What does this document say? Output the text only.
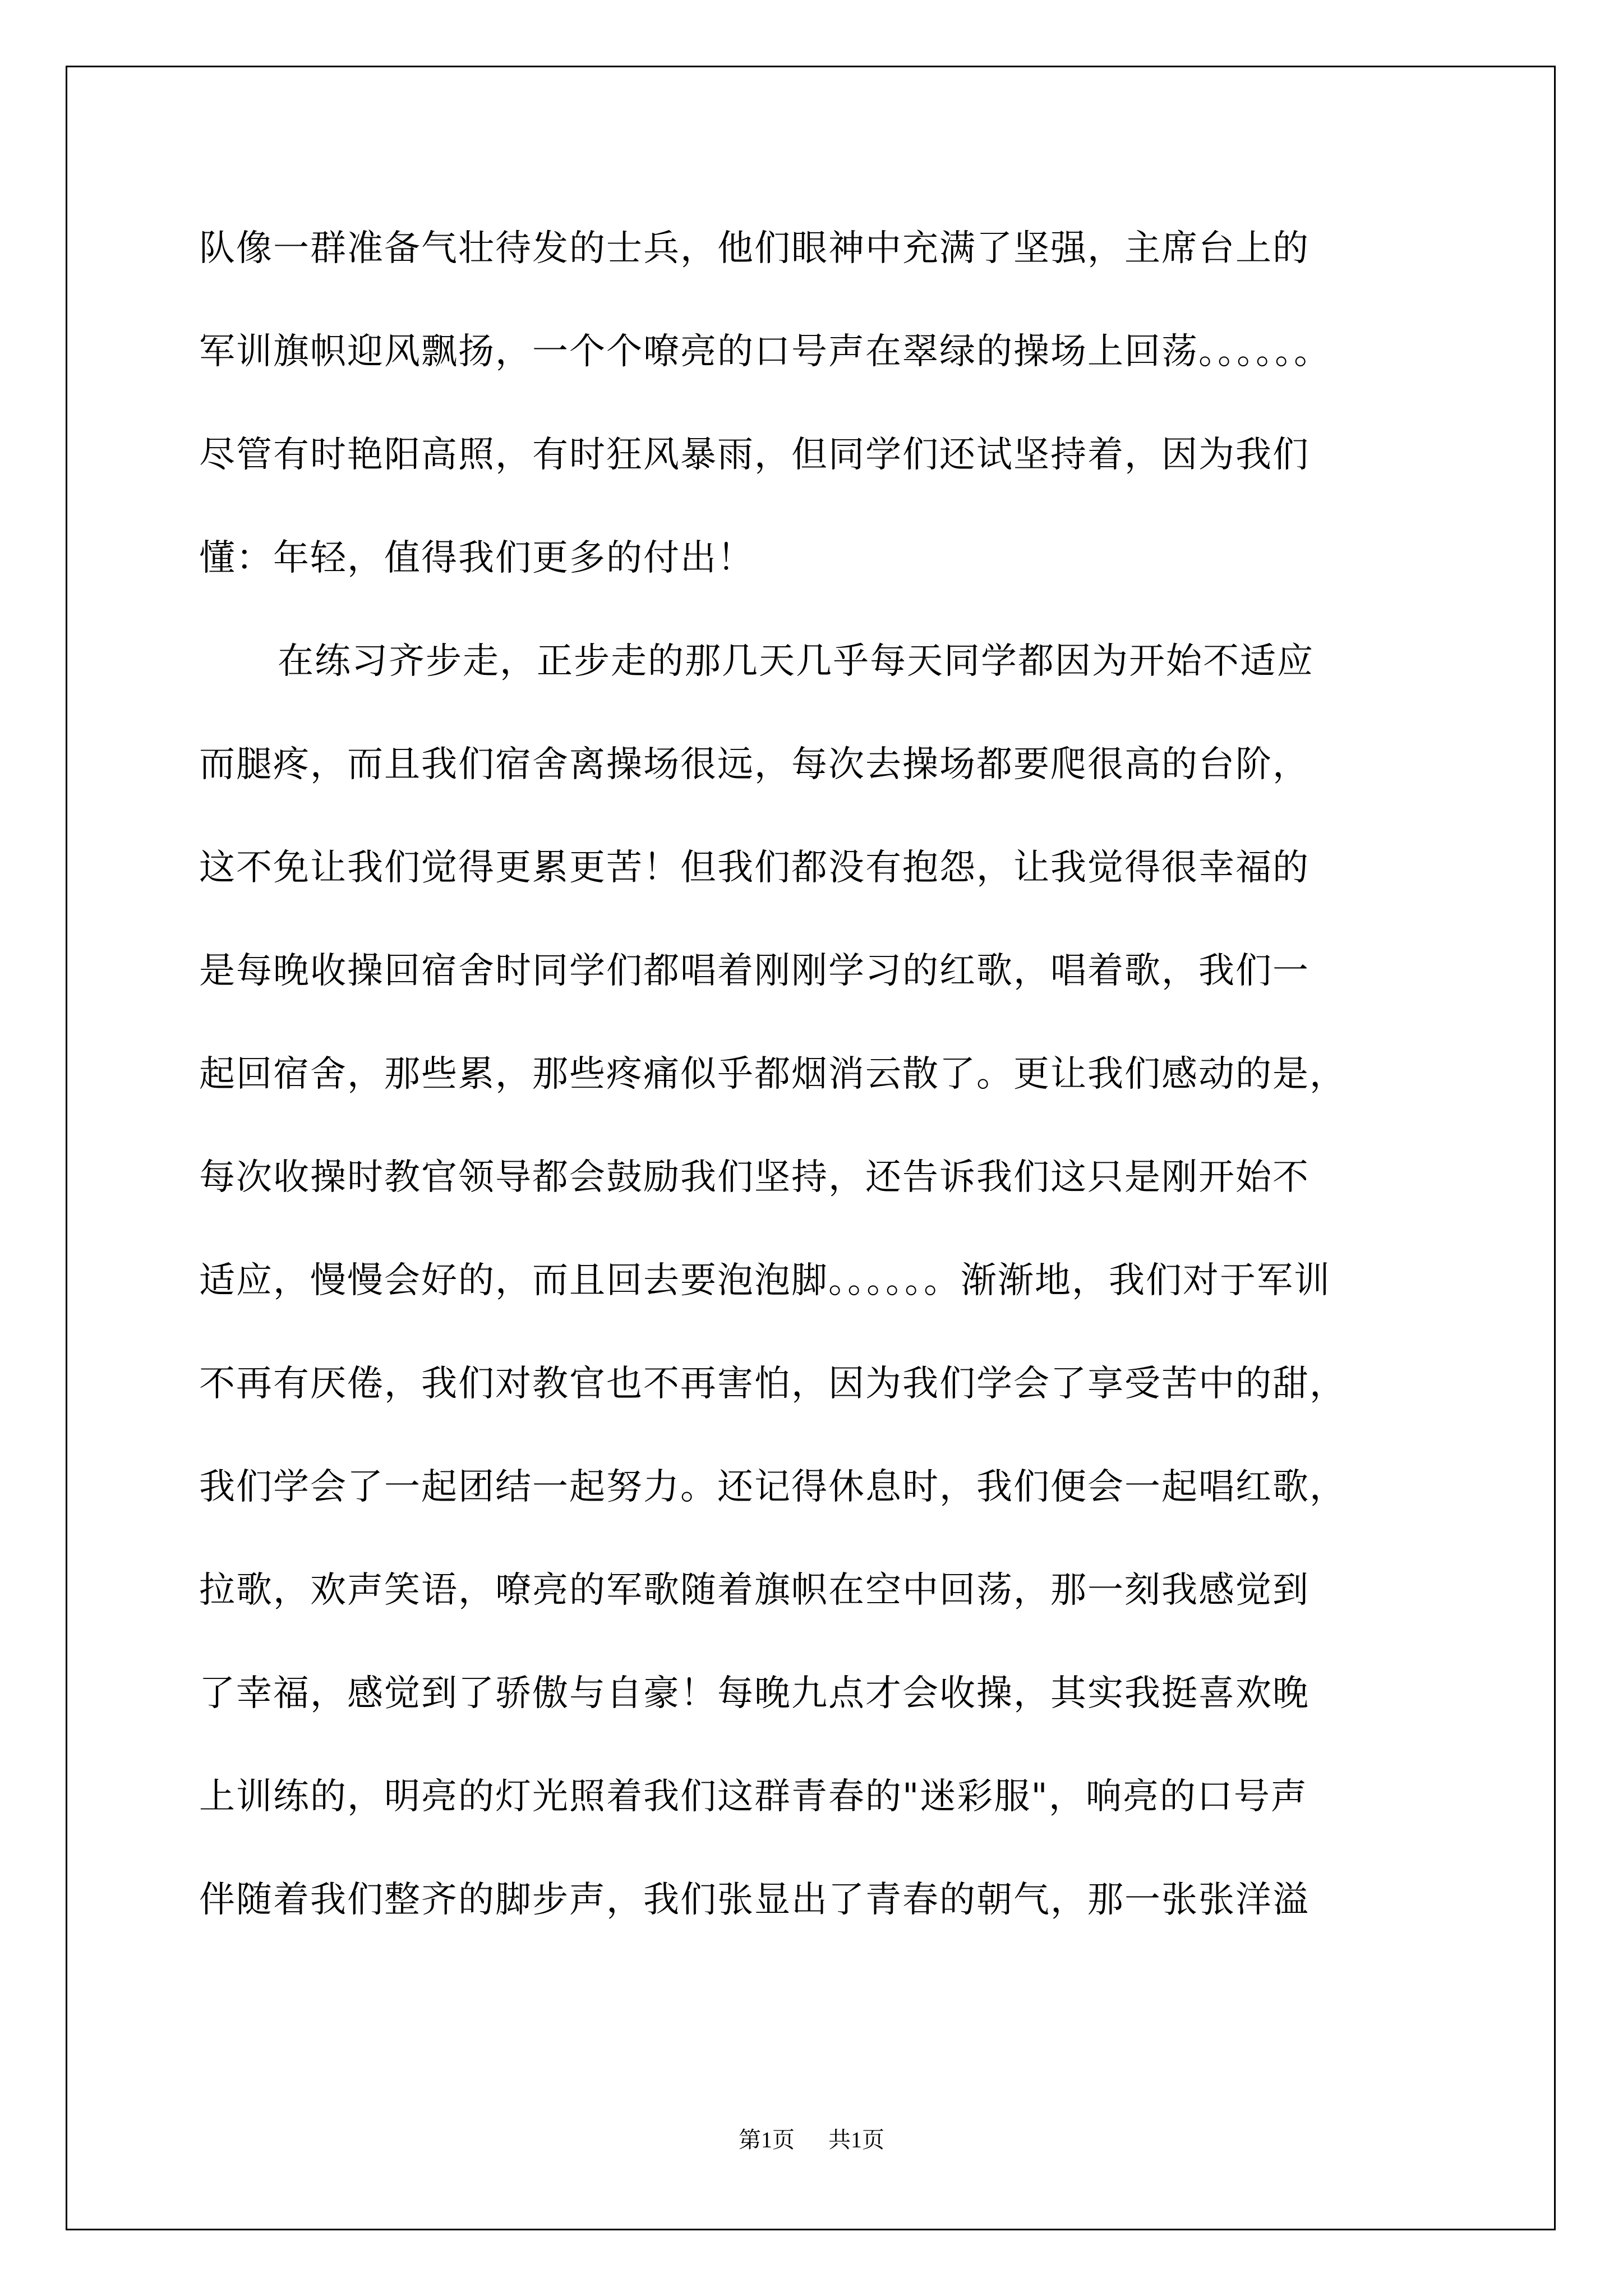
队像一群准备气壮待发的士兵，他们眼神中充满了坚强，主席台上的
军训旗帜迎风飘扬，一个个嘹亮的口号声在翠绿的操场上回荡。。。。。。
尽管有时艳阳高照，有时狂风暴雨，但同学们还试坚持着，因为我们
懂：年轻，值得我们更多的付出！
在练习齐步走，正步走的那几天几乎每天同学都因为开始不适应
而腿疼，而且我们宿舍离操场很远，每次去操场都要爬很高的台阶，
这不免让我们觉得更累更苦！但我们都没有抱怨，让我觉得很幸福的
是每晚收操回宿舍时同学们都唱着刚刚学习的红歌，唱着歌，我们一
起回宿舍，那些累，那些疼痛似乎都烟消云散了。更让我们感动的是，
每次收操时教官领导都会鼓励我们坚持，还告诉我们这只是刚开始不
适应，慢慢会好的，而且回去要泡泡脚。。。。。。渐渐地，我们对于军训
不再有厌倦，我们对教官也不再害怕，因为我们学会了享受苦中的甜，
我们学会了一起团结一起努力。还记得休息时，我们便会一起唱红歌，
拉歌，欢声笑语，嘹亮的军歌随着旗帜在空中回荡，那一刻我感觉到
了幸福，感觉到了骄傲与自豪！每晚九点才会收操，其实我挺喜欢晚
上训练的，明亮的灯光照着我们这群青春的"迷彩服"，响亮的口号声
伴随着我们整齐的脚步声，我们张显出了青春的朝气，那一张张洋溢
第1页 共1页
